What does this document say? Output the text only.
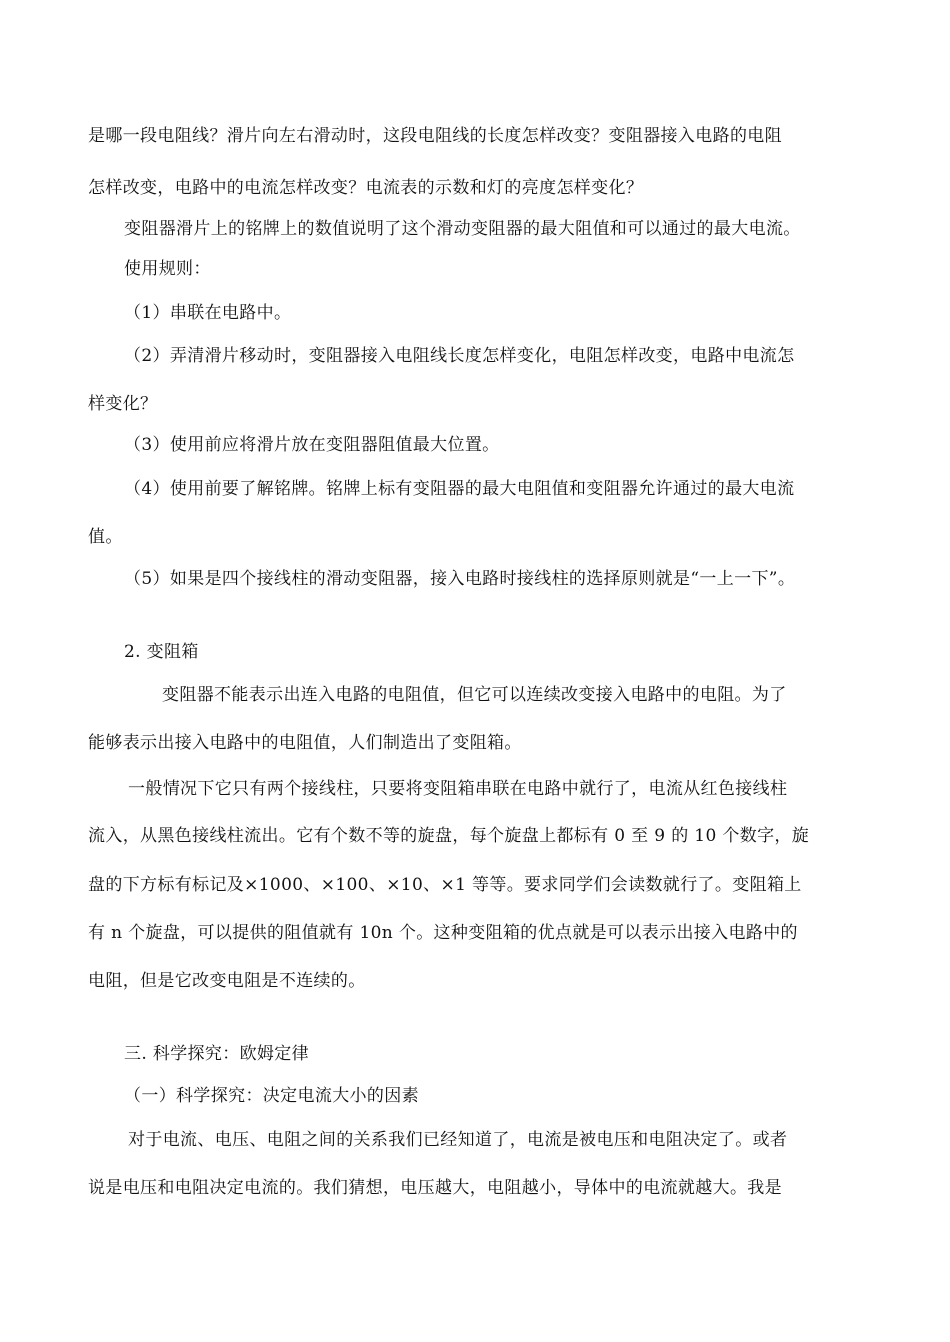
是哪一段电阻线？滑片向左右滑动时，这段电阻线的长度怎样改变？变阻器接入电路的电阻

怎样改变，电路中的电流怎样改变？电流表的示数和灯的亮度怎样变化？

变阻器滑片上的铭牌上的数值说明了这个滑动变阻器的最大阻值和可以通过的最大电流。

使用规则：

（1）串联在电路中。

（2）弄清滑片移动时，变阻器接入电阻线长度怎样变化，电阻怎样改变，电路中电流怎

样变化？

（3）使用前应将滑片放在变阻器阻值最大位置。

（4）使用前要了解铭牌。铭牌上标有变阻器的最大电阻值和变阻器允许通过的最大电流

值。

（5）如果是四个接线柱的滑动变阻器，接入电路时接线柱的选择原则就是“一上一下”。

2. 变阻箱

变阻器不能表示出连入电路的电阻值，但它可以连续改变接入电路中的电阻。为了

能够表示出接入电路中的电阻值，人们制造出了变阻箱。

一般情况下它只有两个接线柱，只要将变阻箱串联在电路中就行了，电流从红色接线柱

流入，从黑色接线柱流出。它有个数不等的旋盘，每个旋盘上都标有 0 至 9 的 10 个数字，旋

盘的下方标有标记及×1000、×100、×10、×1 等等。要求同学们会读数就行了。变阻箱上

有 n 个旋盘，可以提供的阻值就有 10n 个。这种变阻箱的优点就是可以表示出接入电路中的

电阻，但是它改变电阻是不连续的。

三. 科学探究：欧姆定律

（一）科学探究：决定电流大小的因素

对于电流、电压、电阻之间的关系我们已经知道了，电流是被电压和电阻决定了。或者

说是电压和电阻决定电流的。我们猜想，电压越大，电阻越小，导体中的电流就越大。我是
